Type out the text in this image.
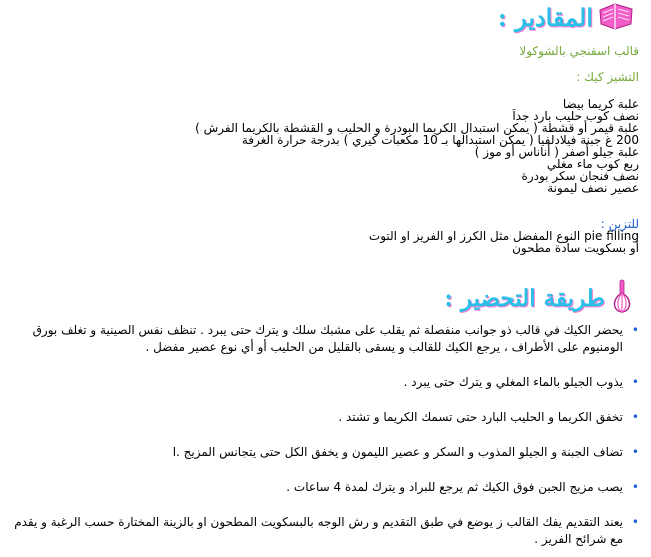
المقادير :
قالب اسفنجي بالشوكولا
التشيز كيك :
علبة كريما بيضا
نصف كوب حليب بارد جداَ
علبة قيمر أو قشطة ( يمكن استبدال الكريما البودرة و الحليب و القشطة بالكريما الفرش )
200 غ جبنة فيلادلفيا ( يمكن استبدالها بـ 10 مكعبات كيري ) بدرجة حرارة الغرفة
علبة جيلو أصفر ( أناناس أو موز )
ربع كوب ماء مغلي
نصف فنجان سكر بودرة
عصير نصف ليمونة
للتزين :
pie filling النوع المفضل مثل الكرز او الفريز او التوت
أو بسكويت سادة مطحون
طريقة التحضير :
•
يحضر الكيك في قالب ذو جوانب منفصلة ثم يقلب على مشبك سلك و يترك حتى يبرد . تنظف نفس الصينية و تغلف بورق الومنيوم على الأطراف ، يرجع الكيك للقالب و يسقى بالقليل من الحليب أو أي نوع عصير مفضل .
•
يذوب الجيلو بالماء المغلي و يترك حتى يبرد .
•
تخفق الكريما و الحليب البارد حتى تسمك الكريما و تشتد .
•
تضاف الجبنة و الجيلو المذوب و السكر و عصير الليمون و يخفق الكل حتى يتجانس المزيج .ا
•
يصب مزيج الجبن فوق الكيك ثم يرجع للبراد و يترك لمدة 4 ساعات .
•
يعند التقديم يفك القالب ز يوضع في طبق التقديم و رش الوجه بالبسكويت المطحون او بالزينة المختارة حسب الرغبة و يقدم مع شرائح الفريز .
